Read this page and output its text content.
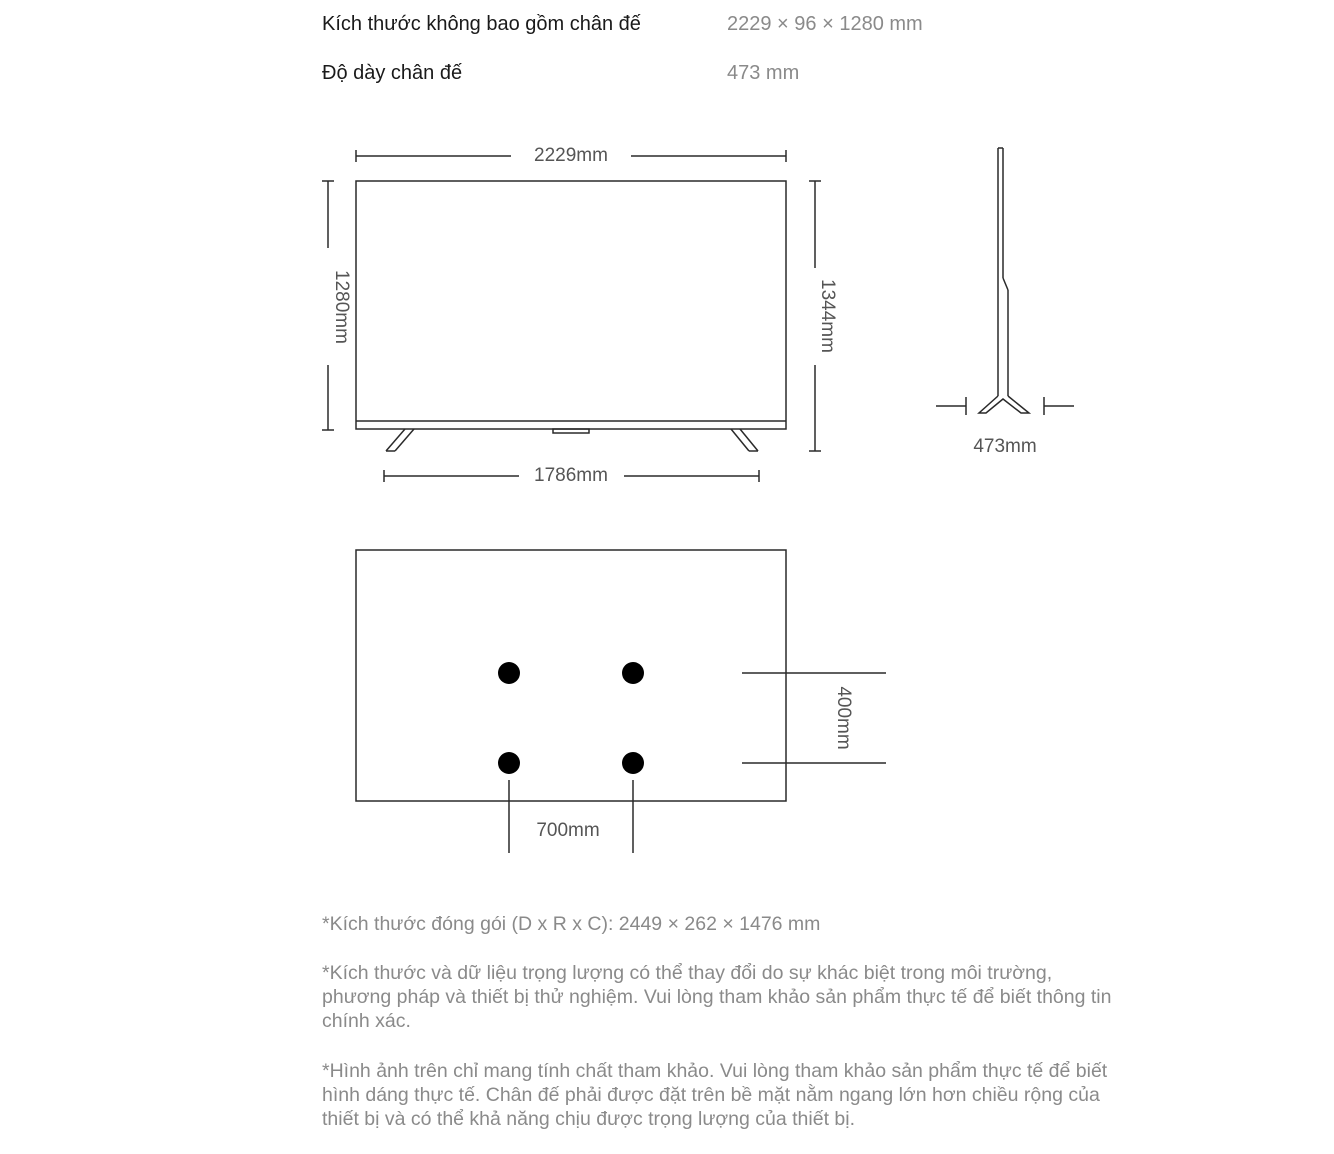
Kích thước không bao gồm chân đế	2229 × 96 × 1280 mm
Độ dày chân đế	473 mm
2229mm
1280mm	1344mm
1786mm
473mm
400mm
700mm

*Kích thước đóng gói (D x R x C): 2449 × 262 × 1476 mm

*Kích thước và dữ liệu trọng lượng có thể thay đổi do sự khác biệt trong môi trường, phương pháp và thiết bị thử nghiệm. Vui lòng tham khảo sản phẩm thực tế để biết thông tin chính xác.

*Hình ảnh trên chỉ mang tính chất tham khảo. Vui lòng tham khảo sản phẩm thực tế để biết hình dáng thực tế. Chân đế phải được đặt trên bề mặt nằm ngang lớn hơn chiều rộng của thiết bị và có thể khả năng chịu được trọng lượng của thiết bị.
